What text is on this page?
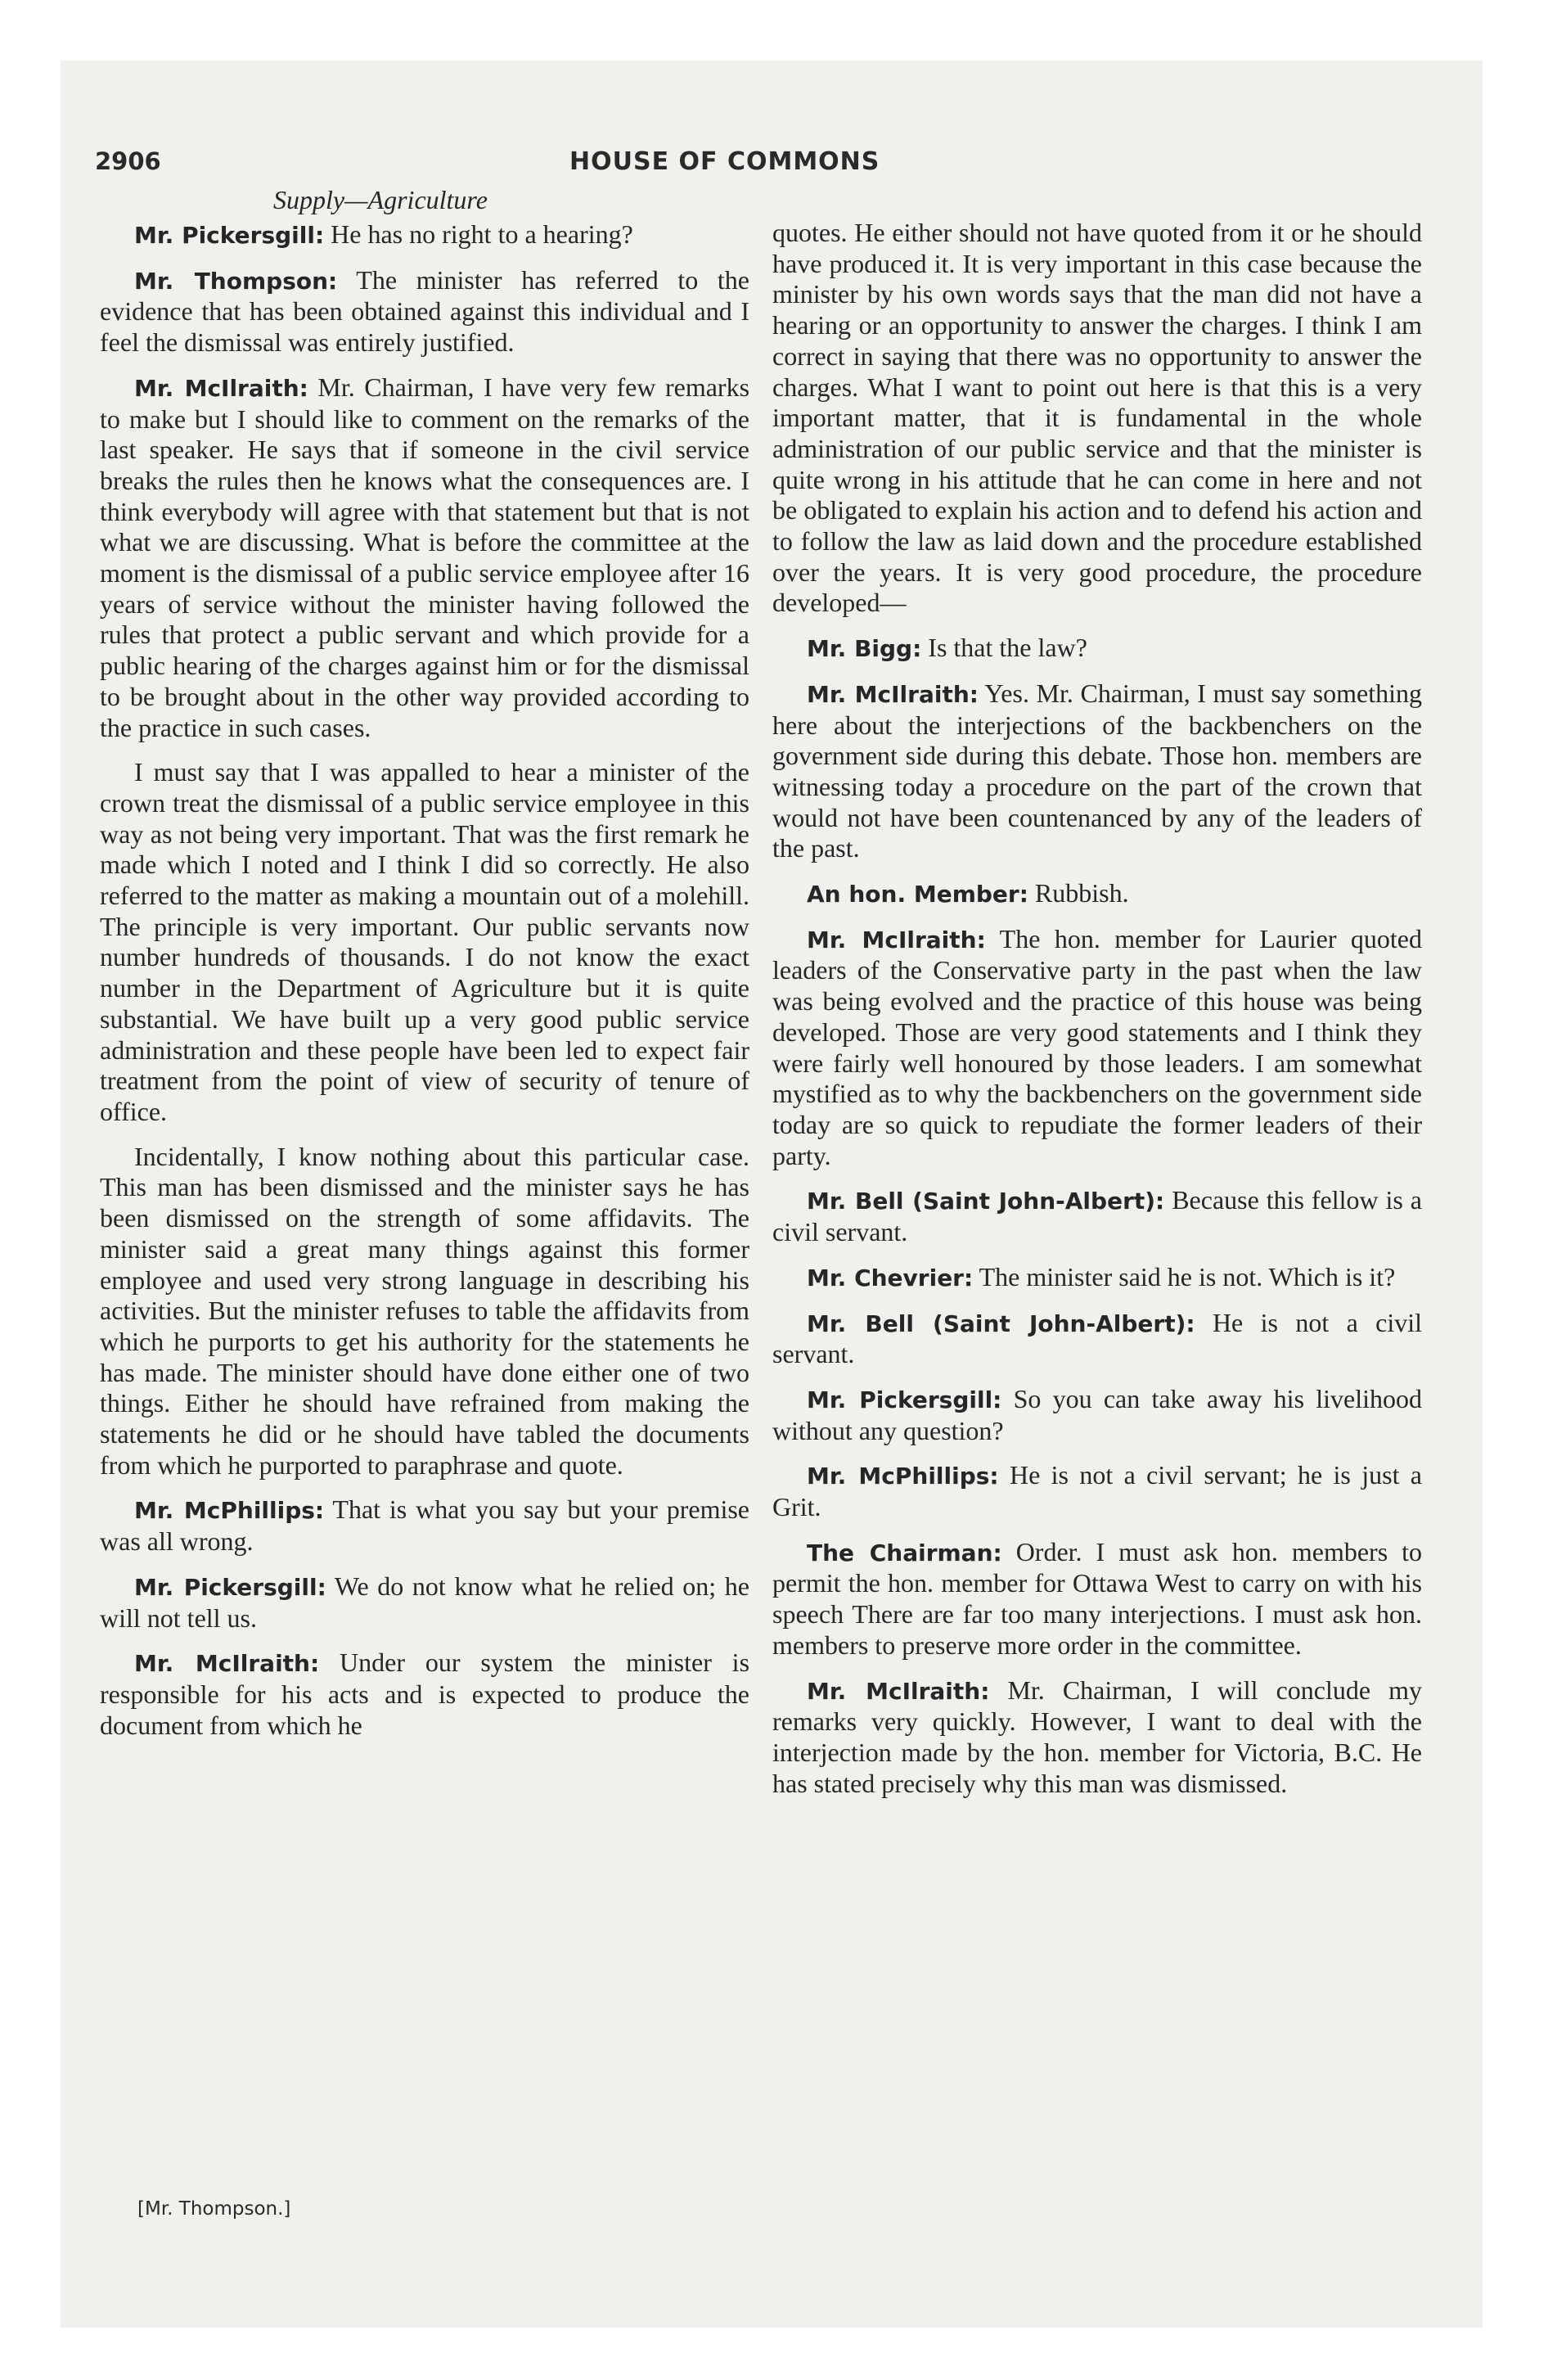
2906	HOUSE OF COMMONS
Supply—Agriculture

Mr. Pickersgill: He has no right to a hearing?

Mr. Thompson: The minister has referred to the evidence that has been obtained against this individual and I feel the dismissal was entirely justified.

Mr. McIlraith: Mr. Chairman, I have very few remarks to make but I should like to comment on the remarks of the last speaker. He says that if someone in the civil service breaks the rules then he knows what the consequences are. I think everybody will agree with that statement but that is not what we are discussing. What is before the committee at the moment is the dismissal of a public service employee after 16 years of service without the minister having followed the rules that protect a public servant and which provide for a public hearing of the charges against him or for the dismissal to be brought about in the other way provided according to the practice in such cases.

I must say that I was appalled to hear a minister of the crown treat the dismissal of a public service employee in this way as not being very important. That was the first remark he made which I noted and I think I did so correctly. He also referred to the matter as making a mountain out of a molehill. The principle is very important. Our public servants now number hundreds of thousands. I do not know the exact number in the Department of Agriculture but it is quite substantial. We have built up a very good public service administration and these people have been led to expect fair treatment from the point of view of security of tenure of office.

Incidentally, I know nothing about this particular case. This man has been dismissed and the minister says he has been dismissed on the strength of some affidavits. The minister said a great many things against this former employee and used very strong language in describing his activities. But the minister refuses to table the affidavits from which he purports to get his authority for the statements he has made. The minister should have done either one of two things. Either he should have refrained from making the statements he did or he should have tabled the documents from which he purported to paraphrase and quote.

Mr. McPhillips: That is what you say but your premise was all wrong.

Mr. Pickersgill: We do not know what he relied on; he will not tell us.

Mr. McIlraith: Under our system the minister is responsible for his acts and is expected to produce the document from which he

quotes. He either should not have quoted from it or he should have produced it. It is very important in this case because the minister by his own words says that the man did not have a hearing or an opportunity to answer the charges. I think I am correct in saying that there was no opportunity to answer the charges. What I want to point out here is that this is a very important matter, that it is fundamental in the whole administration of our public service and that the minister is quite wrong in his attitude that he can come in here and not be obligated to explain his action and to defend his action and to follow the law as laid down and the procedure established over the years. It is very good procedure, the procedure developed—

Mr. Bigg: Is that the law?

Mr. McIlraith: Yes. Mr. Chairman, I must say something here about the interjections of the backbenchers on the government side during this debate. Those hon. members are witnessing today a procedure on the part of the crown that would not have been countenanced by any of the leaders of the past.

An hon. Member: Rubbish.

Mr. McIlraith: The hon. member for Laurier quoted leaders of the Conservative party in the past when the law was being evolved and the practice of this house was being developed. Those are very good statements and I think they were fairly well honoured by those leaders. I am somewhat mystified as to why the backbenchers on the government side today are so quick to repudiate the former leaders of their party.

Mr. Bell (Saint John-Albert): Because this fellow is a civil servant.

Mr. Chevrier: The minister said he is not. Which is it?

Mr. Bell (Saint John-Albert): He is not a civil servant.

Mr. Pickersgill: So you can take away his livelihood without any question?

Mr. McPhillips: He is not a civil servant; he is just a Grit.

The Chairman: Order. I must ask hon. members to permit the hon. member for Ottawa West to carry on with his speech There are far too many interjections. I must ask hon. members to preserve more order in the committee.

Mr. McIlraith: Mr. Chairman, I will conclude my remarks very quickly. However, I want to deal with the interjection made by the hon. member for Victoria, B.C. He has stated precisely why this man was dismissed.

[Mr. Thompson.]
